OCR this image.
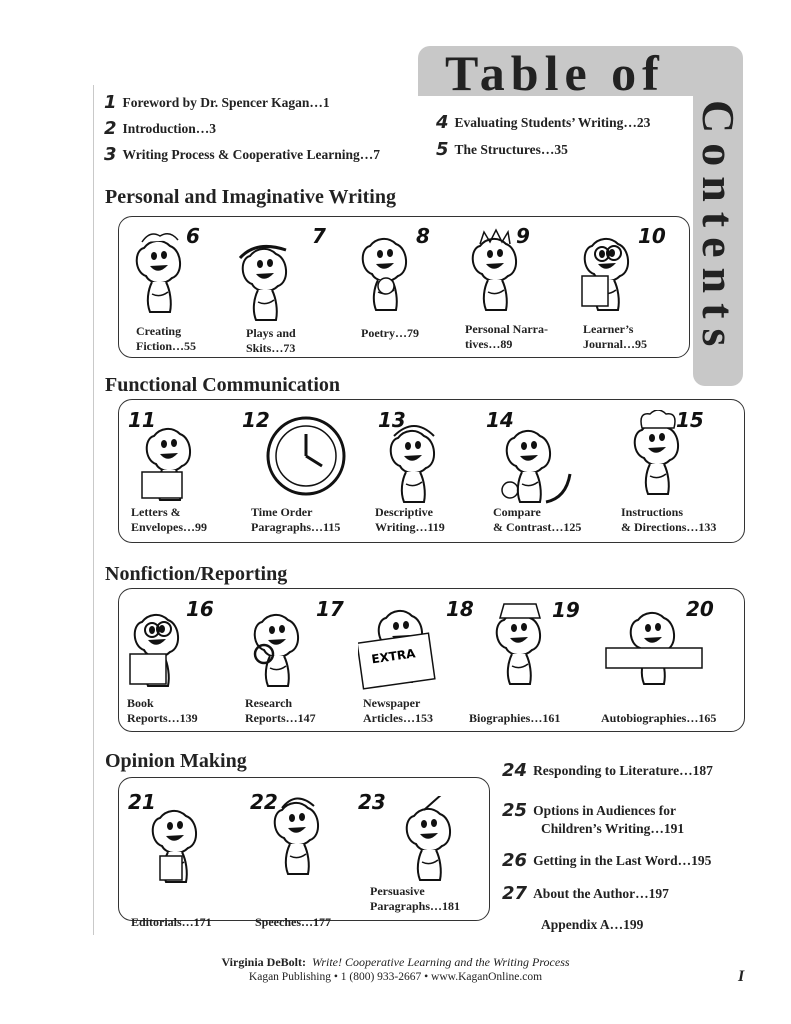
Table of
Contents
1 Foreword by Dr. Spencer Kagan…1
2 Introduction…3
3 Writing Process & Cooperative Learning…7
4 Evaluating Students’ Writing…23
5 The Structures…35
Personal and Imaginative Writing
6
Creating
Fiction…55
7
Plays and
Skits…73
8
Poetry…79

9
Personal Narra-
tives…89
10
Learner’s
Journal…95
Functional Communication
11
Letters &
Envelopes…99
12
Time Order
Paragraphs…115
13
Descriptive
Writing…119
14
Compare
& Contrast…125
15
Instructions
& Directions…133
Nonfiction/Reporting
16
Book
Reports…139
17
Research
Reports…147
EXTRA
18
Newspaper
Articles…153
19

Biographies…161
20

Autobiographies…165
Opinion Making
21

Editorials…171
22

Speeches…177
23
Persuasive
Paragraphs…181
24 Responding to Literature…187
25 Options in Audiences for
Children’s Writing…191
26 Getting in the Last Word…195
27 About the Author…197
Appendix A…199
Virginia DeBolt: Write! Cooperative Learning and the Writing Process
Kagan Publishing • 1 (800) 933-2667 • www.KaganOnline.com	I
